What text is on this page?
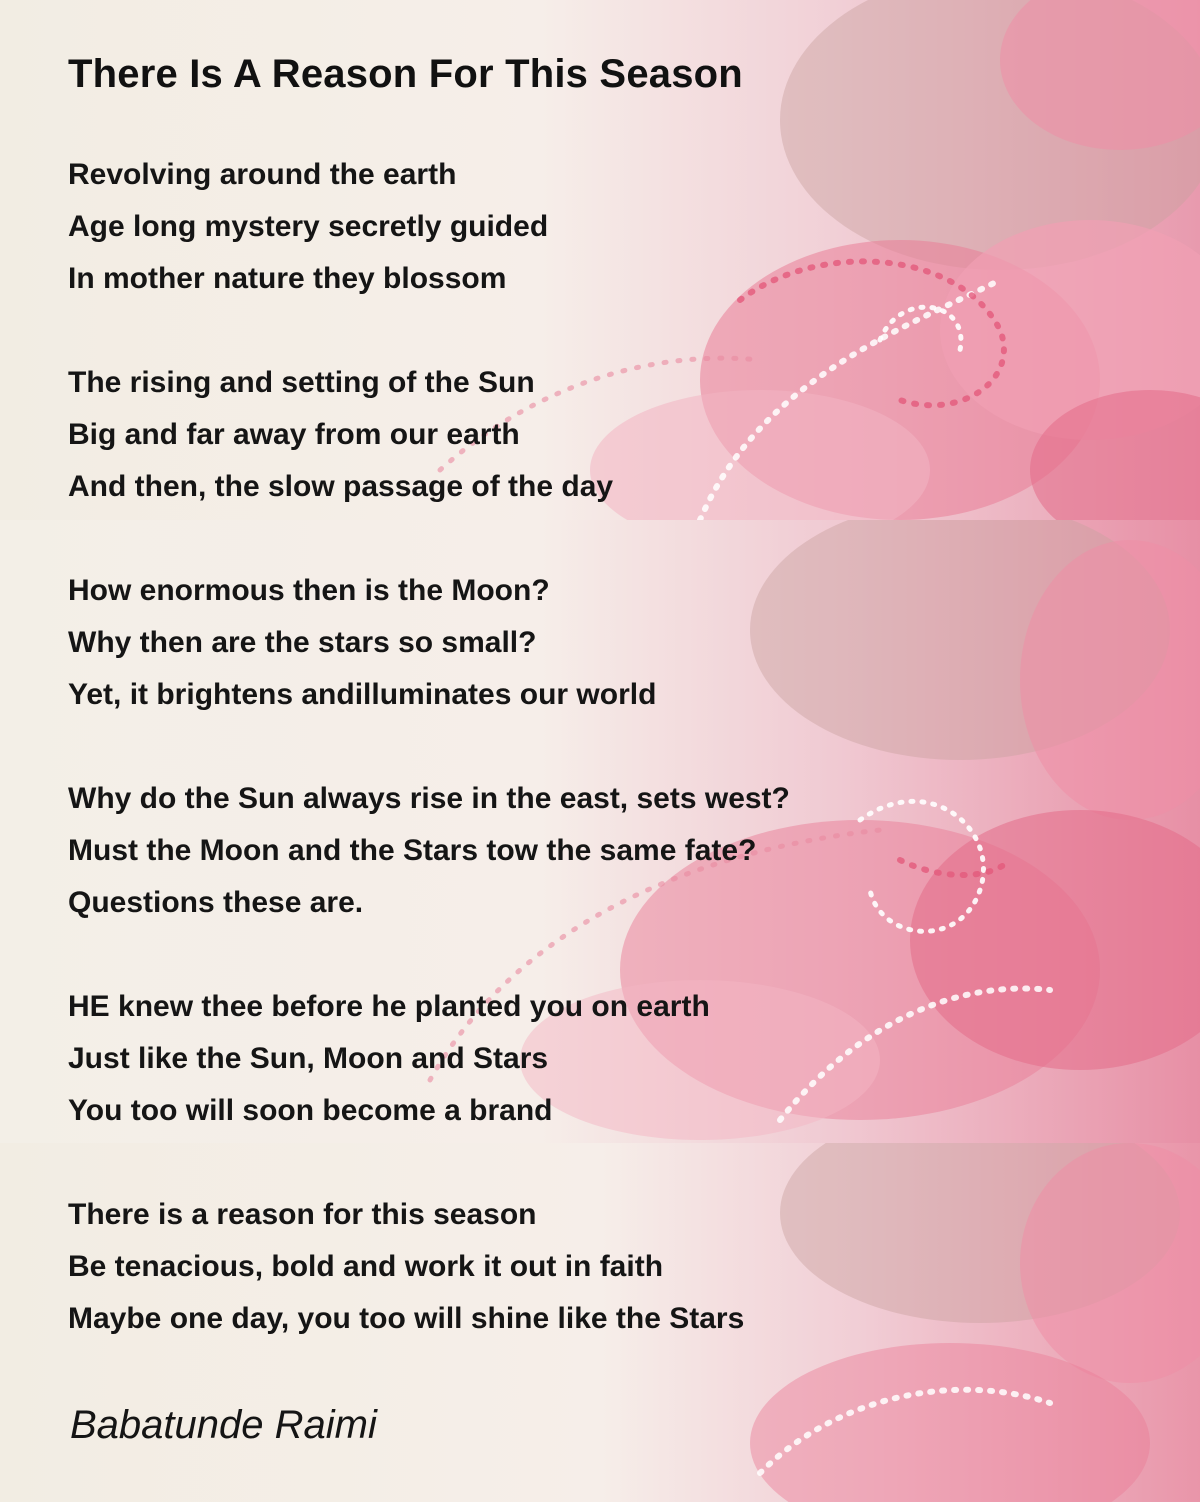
There Is A Reason For This Season
Revolving around the earth
Age long mystery secretly guided
In mother nature they blossom
The rising and setting of the Sun
Big and far away from our earth
And then, the slow passage of the day
How enormous then is the Moon?
Why then are the stars so small?
Yet, it brightens andilluminates our world
Why do the Sun always rise in the east, sets west?
Must the Moon and the Stars tow the same fate?
Questions these are.
HE knew thee before he planted you on earth
Just like the Sun, Moon and Stars
You too will soon become a brand
There is a reason for this season
Be tenacious, bold and work it out in faith
Maybe one day, you too will shine like the Stars
Babatunde Raimi
